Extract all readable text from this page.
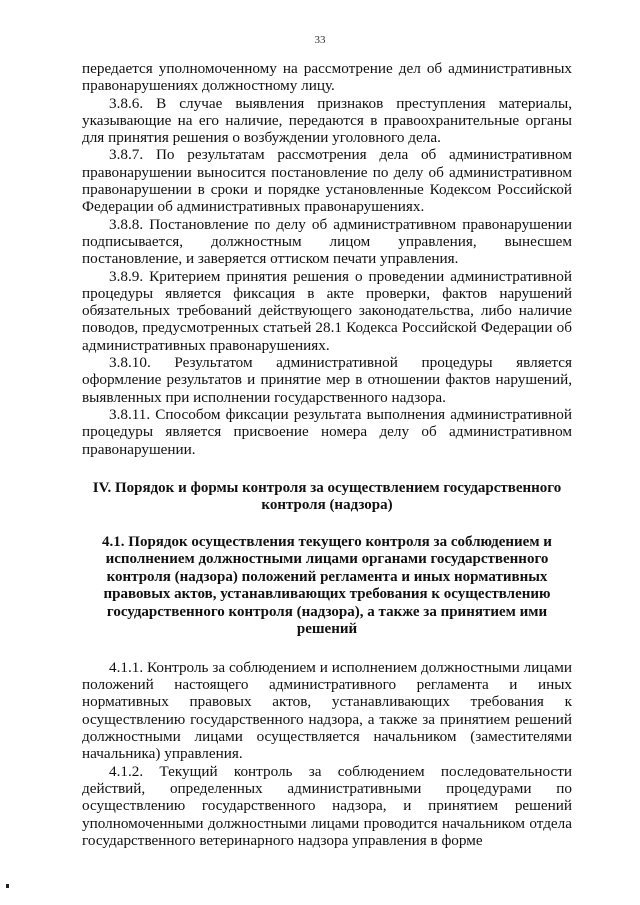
33

передается уполномоченному на рассмотрение дел об административных правонарушениях должностному лицу.

3.8.6. В случае выявления признаков преступления материалы, указывающие на его наличие, передаются в правоохранительные органы для принятия решения о возбуждении уголовного дела.

3.8.7. По результатам рассмотрения дела об административном правонарушении выносится постановление по делу об административном правонарушении в сроки и порядке установленные Кодексом Российской Федерации об административных правонарушениях.

3.8.8. Постановление по делу об административном правонарушении подписывается, должностным лицом управления, вынесшем постановление, и заверяется оттиском печати управления.

3.8.9. Критерием принятия решения о проведении административной процедуры является фиксация в акте проверки, фактов нарушений обязательных требований действующего законодательства, либо наличие поводов, предусмотренных статьей 28.1 Кодекса Российской Федерации об административных правонарушениях.

3.8.10. Результатом административной процедуры является оформление результатов и принятие мер в отношении фактов нарушений, выявленных при исполнении государственного надзора.

3.8.11. Способом фиксации результата выполнения административной процедуры является присвоение номера делу об административном правонарушении.

IV. Порядок и формы контроля за осуществлением государственного контроля (надзора)
4.1. Порядок осуществления текущего контроля за соблюдением и исполнением должностными лицами органами государственного контроля (надзора) положений регламента и иных нормативных правовых актов, устанавливающих требования к осуществлению государственного контроля (надзора), а также за принятием ими решений

4.1.1. Контроль за соблюдением и исполнением должностными лицами положений настоящего административного регламента и иных нормативных правовых актов, устанавливающих требования к осуществлению государственного надзора, а также за принятием решений должностными лицами осуществляется начальником (заместителями начальника) управления.

4.1.2. Текущий контроль за соблюдением последовательности действий, определенных административными процедурами по осуществлению государственного надзора, и принятием решений уполномоченными должностными лицами проводится начальником отдела государственного ветеринарного надзора управления в форме
